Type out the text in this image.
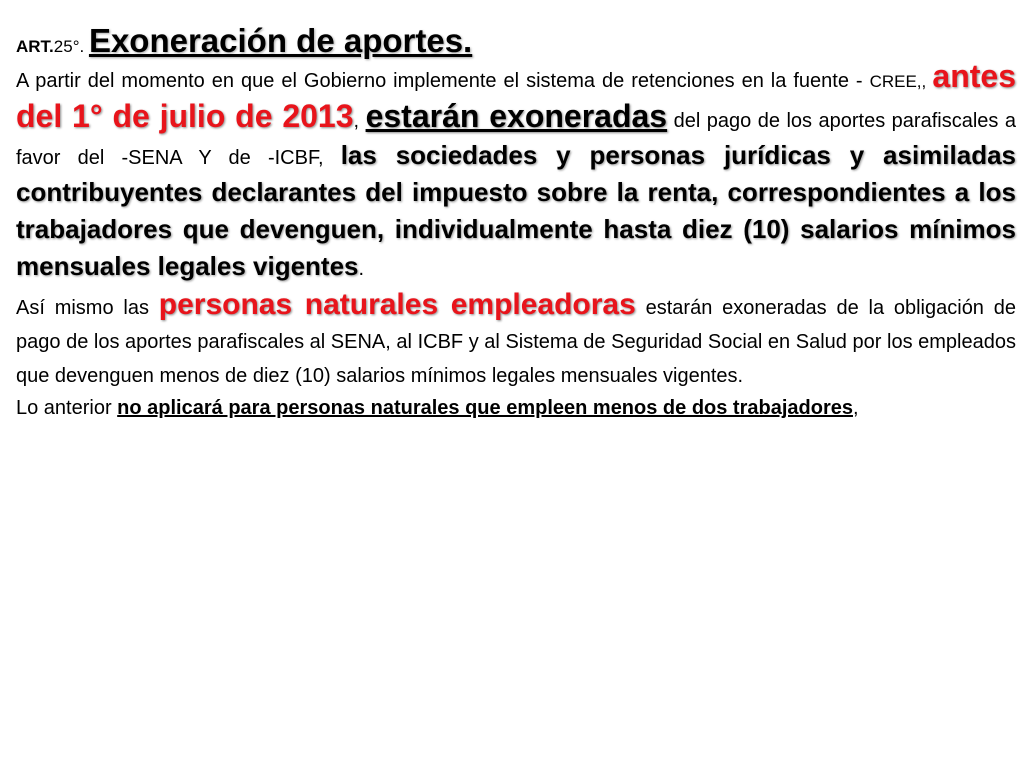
ART.25°. Exoneración de aportes.

A partir del momento en que el Gobierno implemente el sistema de retenciones en la fuente - CREE,, antes del 1° de julio de 2013, estarán exoneradas del pago de los aportes parafiscales a favor del -SENA Y de -ICBF, las sociedades y personas jurídicas y asimiladas contribuyentes declarantes del impuesto sobre la renta, correspondientes a los trabajadores que devenguen, individualmente hasta diez (10) salarios mínimos mensuales legales vigentes.

Así mismo las personas naturales empleadoras estarán exoneradas de la obligación de pago de los aportes parafiscales al SENA, al ICBF y al Sistema de Seguridad Social en Salud por los empleados que devenguen menos de diez (10) salarios mínimos legales mensuales vigentes.

Lo anterior no aplicará para personas naturales que empleen menos de dos trabajadores,
